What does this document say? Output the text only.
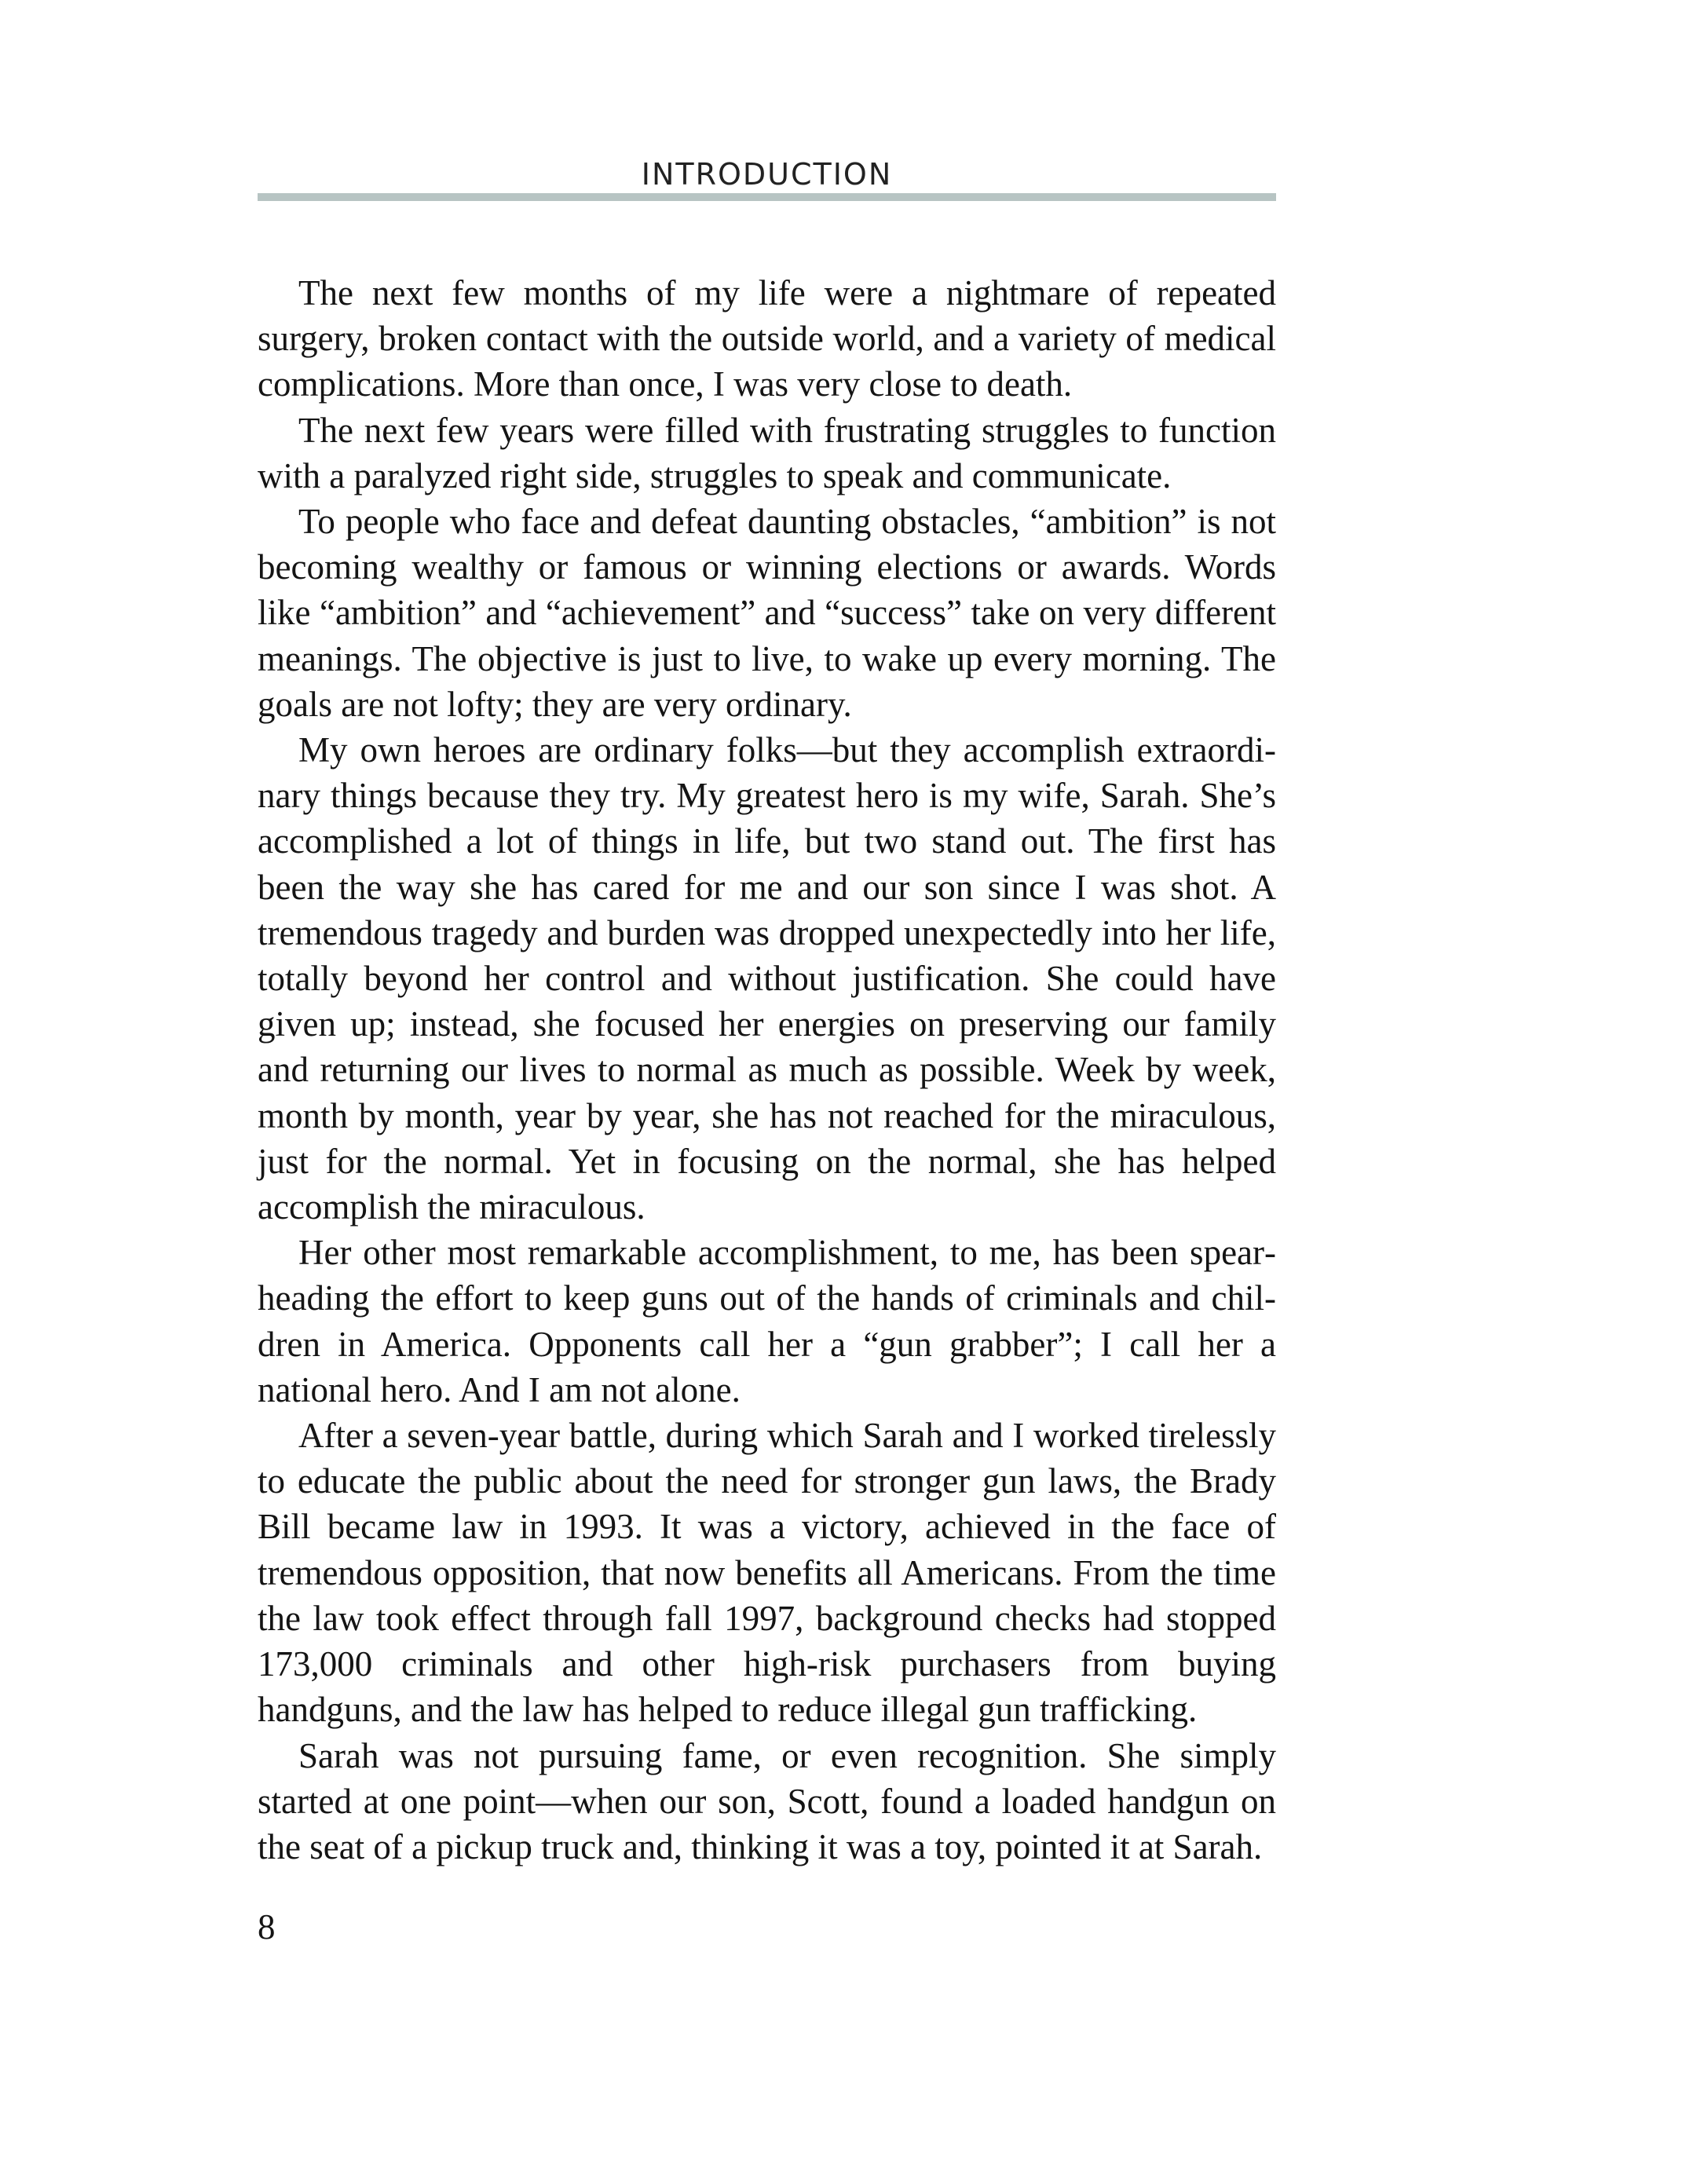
INTRODUCTION

The next few months of my life were a nightmare of repeated surgery, broken contact with the outside world, and a variety of medical complications. More than once, I was very close to death.

The next few years were filled with frustrating struggles to function with a paralyzed right side, struggles to speak and communicate.

To people who face and defeat daunting obstacles, “ambition” is not becoming wealthy or famous or winning elections or awards. Words like “ambition” and “achievement” and “success” take on very different meanings. The objective is just to live, to wake up every morning. The goals are not lofty; they are very ordinary.

My own heroes are ordinary folks—but they accomplish extraordinary things because they try. My greatest hero is my wife, Sarah. She’s accomplished a lot of things in life, but two stand out. The first has been the way she has cared for me and our son since I was shot. A tremendous tragedy and burden was dropped unexpectedly into her life, totally beyond her control and without justification. She could have given up; instead, she focused her energies on preserving our family and returning our lives to normal as much as possible. Week by week, month by month, year by year, she has not reached for the miraculous, just for the normal. Yet in focusing on the normal, she has helped accomplish the miraculous.

Her other most remarkable accomplishment, to me, has been spearheading the effort to keep guns out of the hands of criminals and children in America. Opponents call her a “gun grabber”; I call her a national hero. And I am not alone.

After a seven-year battle, during which Sarah and I worked tirelessly to educate the public about the need for stronger gun laws, the Brady Bill became law in 1993. It was a victory, achieved in the face of tremendous opposition, that now benefits all Americans. From the time the law took effect through fall 1997, background checks had stopped 173,000 criminals and other high-risk purchasers from buying handguns, and the law has helped to reduce illegal gun trafficking.

Sarah was not pursuing fame, or even recognition. She simply started at one point—when our son, Scott, found a loaded handgun on the seat of a pickup truck and, thinking it was a toy, pointed it at Sarah.

8
